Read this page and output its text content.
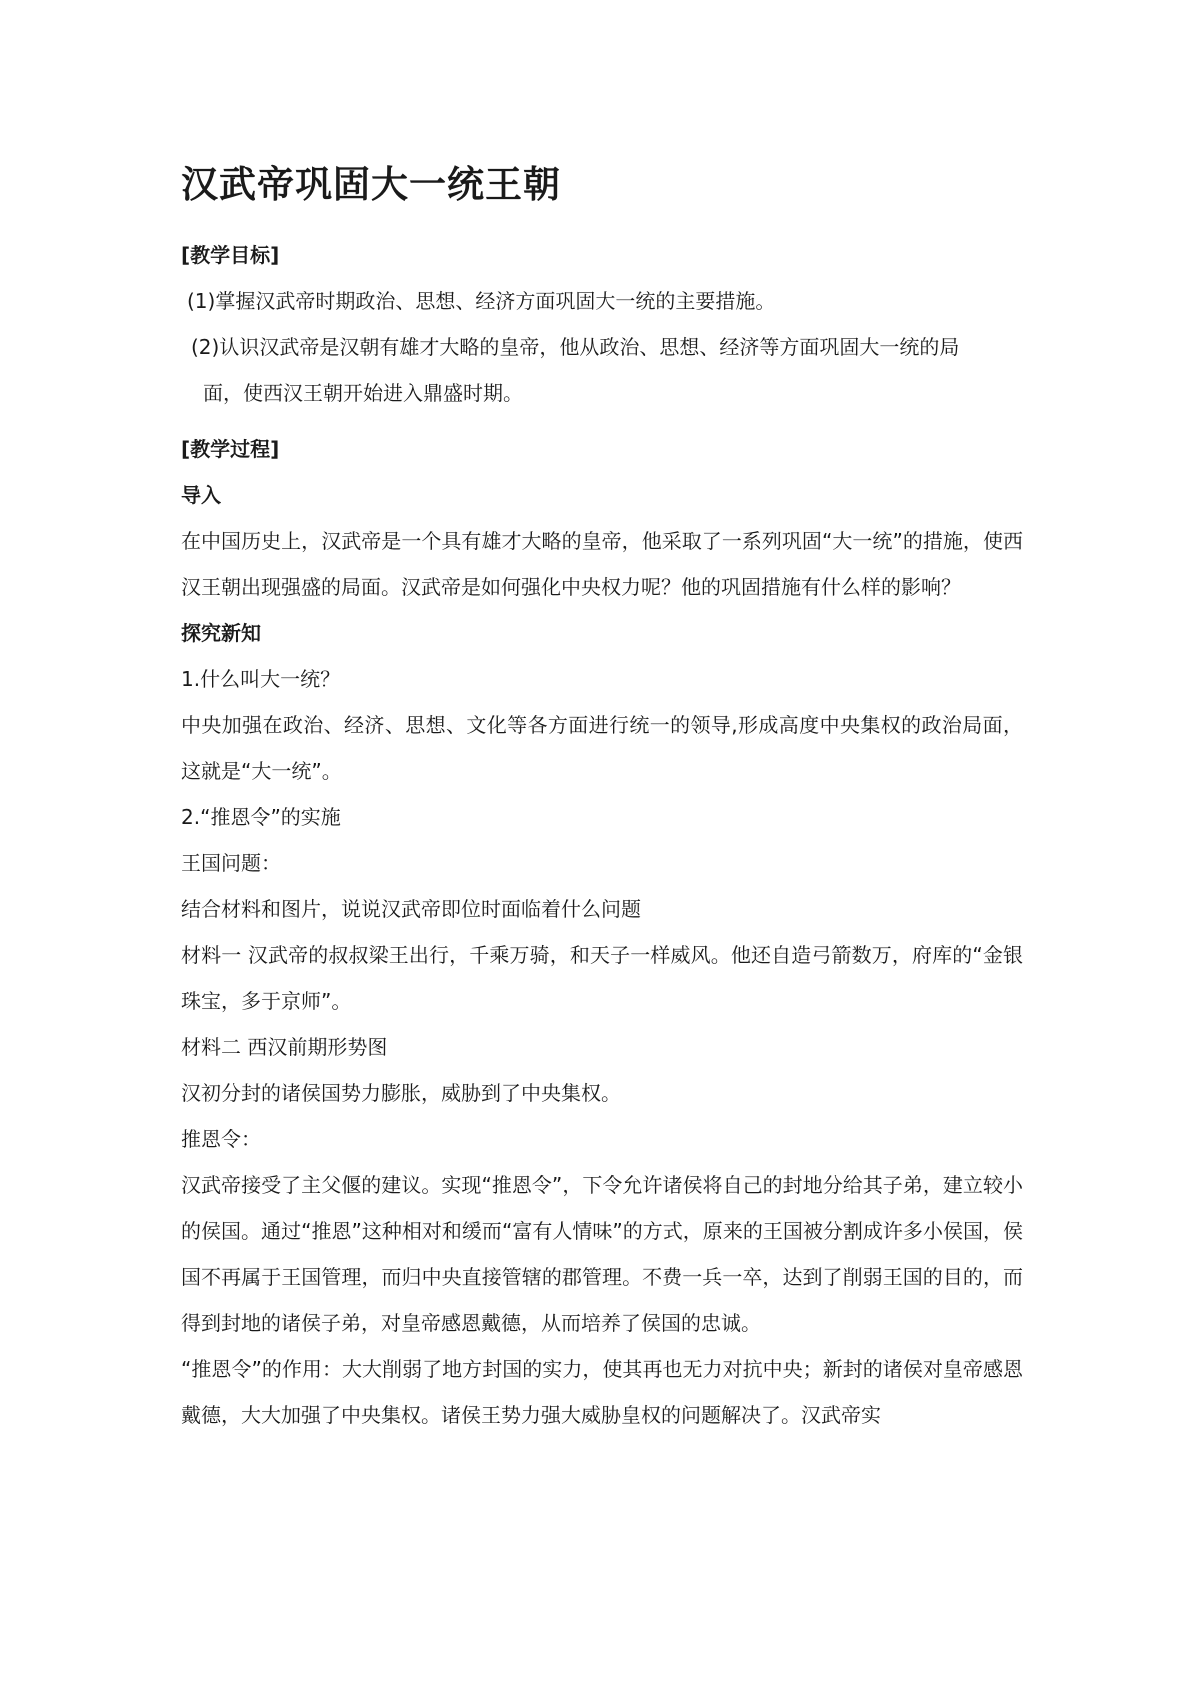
汉武帝巩固大一统王朝

[教学目标]

(1)掌握汉武帝时期政治、思想、经济方面巩固大一统的主要措施。

(2)认识汉武帝是汉朝有雄才大略的皇帝，他从政治、思想、经济等方面巩固大一统的局
面，使西汉王朝开始进入鼎盛时期。

[教学过程]

导入

在中国历史上，汉武帝是一个具有雄才大略的皇帝，他采取了一系列巩固“大一统”的措施，使西汉王朝出现强盛的局面。汉武帝是如何强化中央权力呢？他的巩固措施有什么样的影响？

探究新知

1.什么叫大一统？

中央加强在政治、经济、思想、文化等各方面进行统一的领导,形成高度中央集权的政治局面，这就是“大一统”。

2.“推恩令”的实施

王国问题：

结合材料和图片，说说汉武帝即位时面临着什么问题

材料一 汉武帝的叔叔梁王出行，千乘万骑，和天子一样威风。他还自造弓箭数万，府库的“金银珠宝，多于京师”。

材料二 西汉前期形势图

汉初分封的诸侯国势力膨胀，威胁到了中央集权。

推恩令：

汉武帝接受了主父偃的建议。实现“推恩令”，下令允许诸侯将自己的封地分给其子弟，建立较小的侯国。通过“推恩”这种相对和缓而“富有人情味”的方式，原来的王国被分割成许多小侯国，侯国不再属于王国管理，而归中央直接管辖的郡管理。不费一兵一卒，达到了削弱王国的目的，而得到封地的诸侯子弟，对皇帝感恩戴德，从而培养了侯国的忠诚。

“推恩令”的作用：大大削弱了地方封国的实力，使其再也无力对抗中央；新封的诸侯对皇帝感恩戴德，大大加强了中央集权。诸侯王势力强大威胁皇权的问题解决了。汉武帝实
